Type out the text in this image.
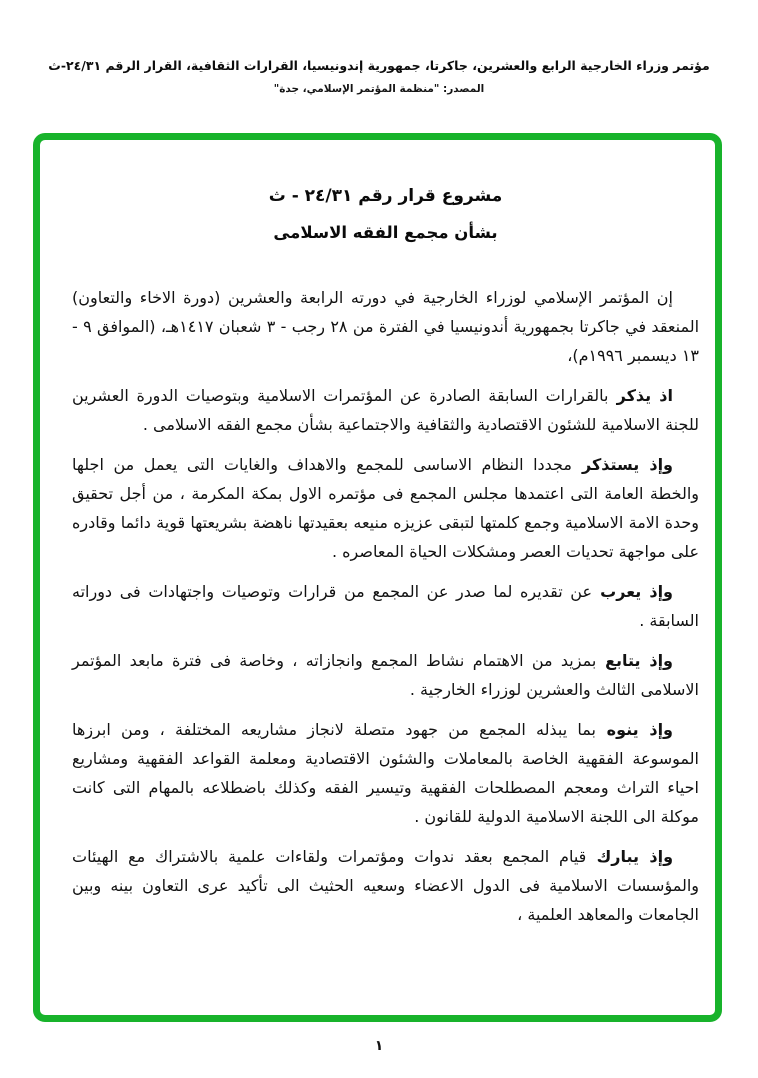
مؤتمر وزراء الخارجية الرابع والعشرين، جاكرتا، جمهورية إندونيسيا، القرارات الثقافية، القرار الرقم ٢٤/٣١-ث
المصدر: "منظمة المؤتمر الإسلامي، جدة"
مشروع قرار رقم ٢٤/٣١ - ث
بشأن مجمع الفقه الاسلامى

إن المؤتمر الإسلامي لوزراء الخارجية في دورته الرابعة والعشرين (دورة الاخاء والتعاون) المنعقد في جاكرتا بجمهورية أندونيسيا في الفترة من ٢٨ رجب - ٣ شعبان ١٤١٧هـ، (الموافق ٩ - ١٣ ديسمبر ١٩٩٦م)،

اذ يذكر بالقرارات السابقة الصادرة عن المؤتمرات الاسلامية وبتوصيات الدورة العشرين للجنة الاسلامية للشئون الاقتصادية والثقافية والاجتماعية بشأن مجمع الفقه الاسلامى .

وإذ يستذكر مجددا النظام الاساسى للمجمع والاهداف والغايات التى يعمل من اجلها والخطة العامة التى اعتمدها مجلس المجمع فى مؤتمره الاول بمكة المكرمة ، من أجل تحقيق وحدة الامة الاسلامية وجمع كلمتها لتبقى عزيزه منيعه بعقيدتها ناهضة بشريعتها قوية دائما وقادره على مواجهة تحديات العصر ومشكلات الحياة المعاصره .

وإذ يعرب عن تقديره لما صدر عن المجمع من قرارات وتوصيات واجتهادات فى دوراته السابقة .

وإذ يتابع بمزيد من الاهتمام نشاط المجمع وانجازاته ، وخاصة فى فترة مابعد المؤتمر الاسلامى الثالث والعشرين لوزراء الخارجية .

وإذ ينوه بما يبذله المجمع من جهود متصلة لانجاز مشاريعه المختلفة ، ومن ابرزها الموسوعة الفقهية الخاصة بالمعاملات والشئون الاقتصادية ومعلمة القواعد الفقهية ومشاريع احياء التراث ومعجم المصطلحات الفقهية وتيسير الفقه وكذلك باضطلاعه بالمهام التى كانت موكلة الى اللجنة الاسلامية الدولية للقانون .

وإذ يبارك قيام المجمع بعقد ندوات ومؤتمرات ولقاءات علمية بالاشتراك مع الهيئات والمؤسسات الاسلامية فى الدول الاعضاء وسعيه الحثيث الى تأكيد عرى التعاون بينه وبين الجامعات والمعاهد العلمية ،

١
